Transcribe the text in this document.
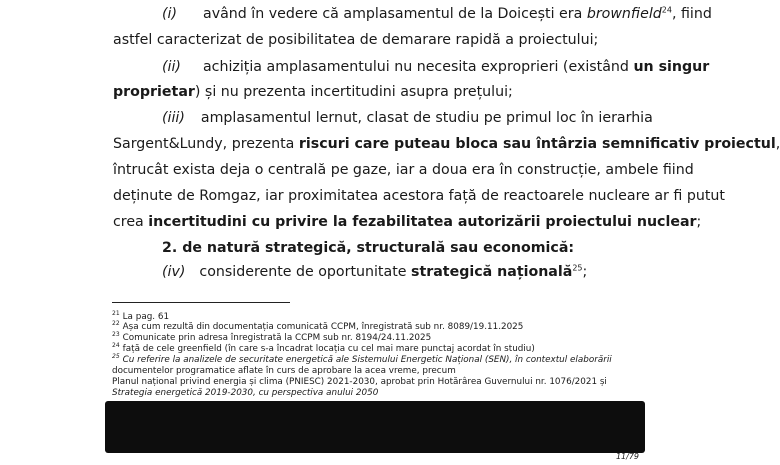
(i) având în vedere că amplasamentul de la Doicești era brownfield$^{24}$, fiind
astfel caracterizat de posibilitatea de demarare rapidă a proiectului;
(ii) achiziția amplasamentului nu necesita exproprieri (existând un singur
proprietar) și nu prezenta incertitudini asupra prețului;
(iii) amplasamentul lernut, clasat de studiu pe primul loc în ierarhia
Sargent&Lundy, prezenta riscuri care puteau bloca sau întârzia semnificativ proiectul,
întrucât exista deja o centrală pe gaze, iar a doua era în construcție, ambele fiind
deținute de Romgaz, iar proximitatea acestora față de reactoarele nucleare ar fi putut
crea incertitudini cu privire la fezabilitatea autorizării proiectului nuclear;
2. de natură strategică, structurală sau economică:
(iv) considerente de oportunitate strategică națională$^{25}$;
$^{21}$ La pag. 61
$^{22}$ Așa cum rezultă din documentația comunicată CCPM, înregistrată sub nr. 8089/19.11.2025
$^{23}$ Comunicate prin adresa înregistrată la CCPM sub nr. 8194/24.11.2025
$^{24}$ față de cele greenfield (în care s-a încadrat locația cu cel mai mare punctaj acordat în studiu)
$^{25}$ Cu referire la analizele de securitate energetică ale Sistemului Energetic Național (SEN), în contextul elaborării
documentelor programatice aflate în curs de aprobare la acea vreme, precum
Planul național privind energia și clima (PNIESC) 2021-2030, aprobat prin Hotărârea Guvernului nr. 1076/2021 și
Strategia energetică 2019-2030, cu perspectiva anului 2050
11/79
